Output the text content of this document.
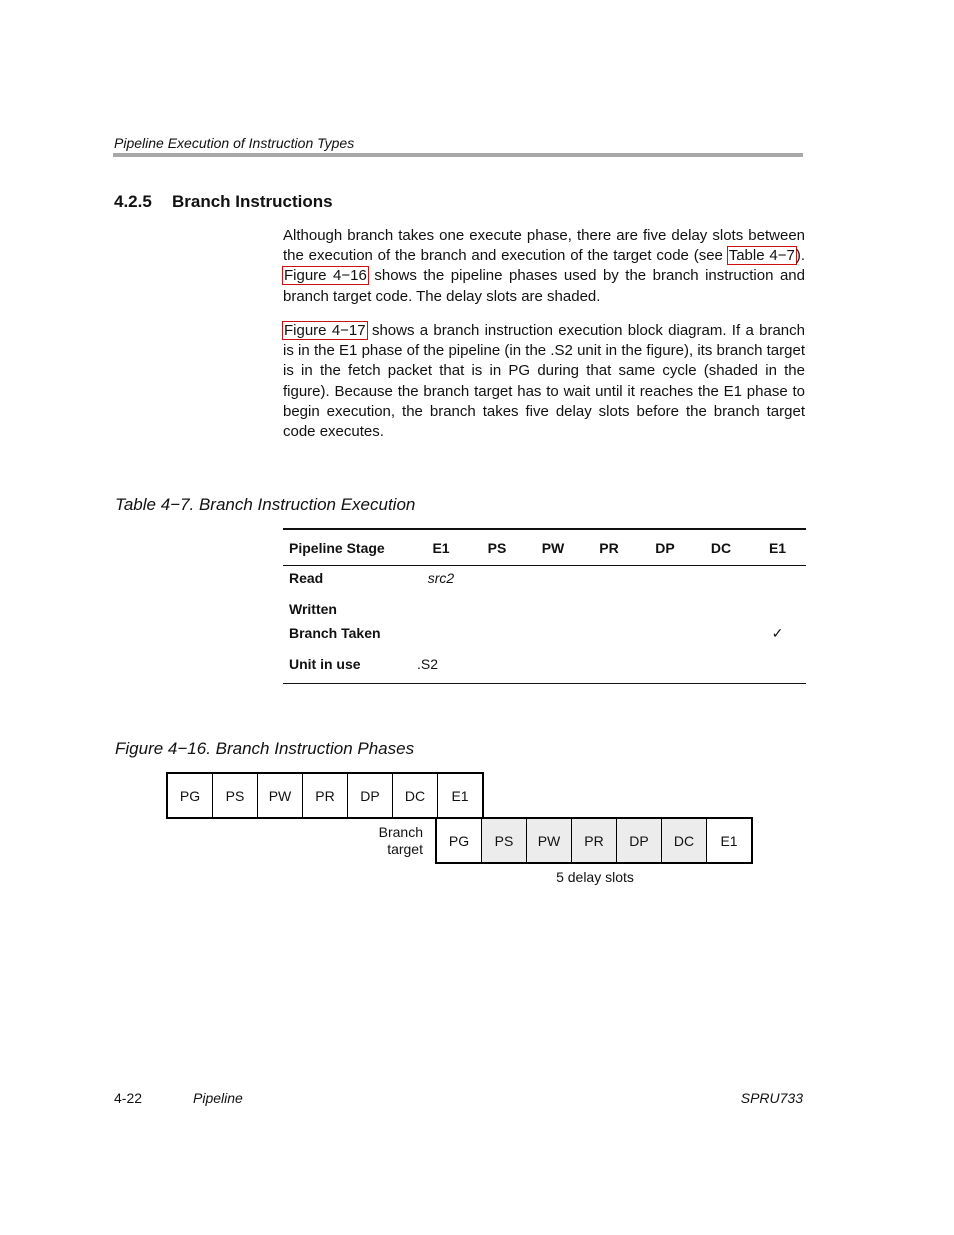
Pipeline Execution of Instruction Types
4.2.5 Branch Instructions
Although branch takes one execute phase, there are five delay slots between the execution of the branch and execution of the target code (see Table 4−7). Figure 4−16 shows the pipeline phases used by the branch instruction and branch target code. The delay slots are shaded.
Figure 4−17 shows a branch instruction execution block diagram. If a branch is in the E1 phase of the pipeline (in the .S2 unit in the figure), its branch target is in the fetch packet that is in PG during that same cycle (shaded in the figure). Because the branch target has to wait until it reaches the E1 phase to begin execution, the branch takes five delay slots before the branch target code executes.
Table 4−7. Branch Instruction Execution
Pipeline Stage	E1	PS	PW	PR	DP	DC	E1
Read	src2						

Written							
Branch Taken							✓

Unit in use	.S2						

Figure 4−16. Branch Instruction Phases
PG	PS	PW	PR	DP	DC	E1
Branch
target
PG	PS	PW	PR	DP	DC	E1
5 delay slots
4-22	Pipeline	SPRU733
